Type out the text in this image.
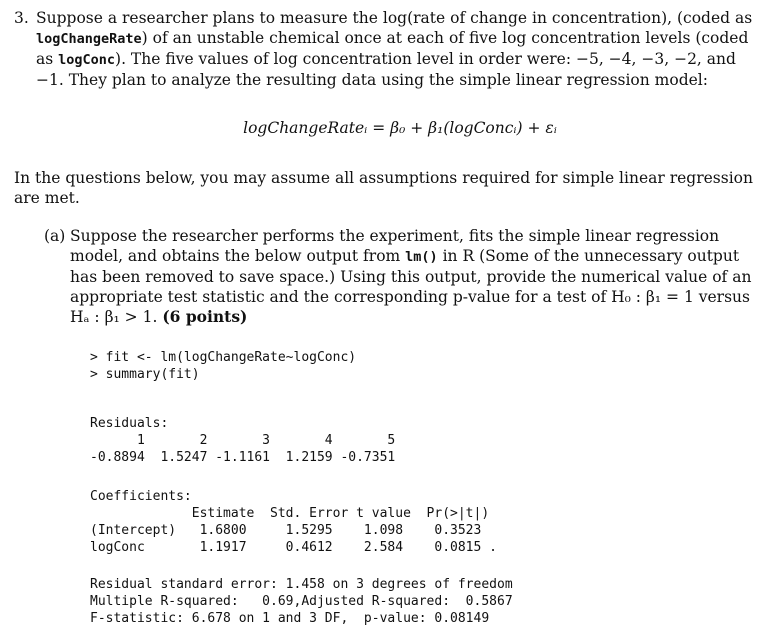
3. Suppose a researcher plans to measure the log(rate of change in concentration), (coded as logChangeRate) of an unstable chemical once at each of five log concentration levels (coded as logConc). The five values of log concentration level in order were: −5, −4, −3, −2, and −1. They plan to analyze the resulting data using the simple linear regression model:

logChangeRateᵢ = β₀ + β₁(logConcᵢ) + εᵢ

In the questions below, you may assume all assumptions required for simple linear regression are met.

(a) Suppose the researcher performs the experiment, fits the simple linear regression model, and obtains the below output from lm() in R (Some of the unnecessary output has been removed to save space.) Using this output, provide the numerical value of an appropriate test statistic and the corresponding p-value for a test of H₀ : β₁ = 1 versus Hₐ : β₁ > 1. (6 points)

> fit <- lm(logChangeRate~logConc)
> summary(fit)
Residuals:
1       2       3       4       5
-0.8894  1.5247 -1.1161  1.2159 -0.7351
Coefficients:
Estimate  Std. Error t value  Pr(>|t|)
(Intercept)   1.6800     1.5295    1.098    0.3523
logConc       1.1917     0.4612    2.584    0.0815 .
Residual standard error: 1.458 on 3 degrees of freedom
Multiple R-squared:   0.69,Adjusted R-squared:  0.5867
F-statistic: 6.678 on 1 and 3 DF,  p-value: 0.08149
